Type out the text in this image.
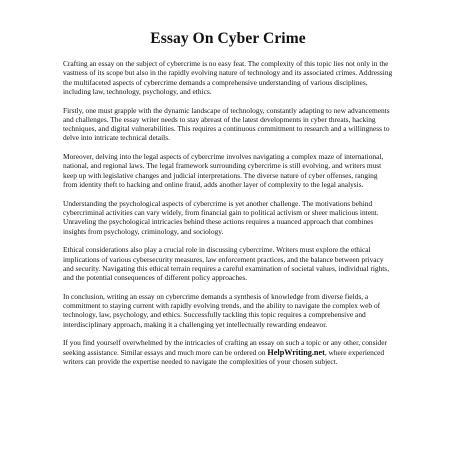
Essay On Cyber Crime

Crafting an essay on the subject of cybercrime is no easy feat. The complexity of this topic lies not only in the vastness of its scope but also in the rapidly evolving nature of technology and its associated crimes. Addressing the multifaceted aspects of cybercrime demands a comprehensive understanding of various disciplines, including law, technology, psychology, and ethics.

Firstly, one must grapple with the dynamic landscape of technology, constantly adapting to new advancements and challenges. The essay writer needs to stay abreast of the latest developments in cyber threats, hacking techniques, and digital vulnerabilities. This requires a continuous commitment to research and a willingness to delve into intricate technical details.

Moreover, delving into the legal aspects of cybercrime involves navigating a complex maze of international, national, and regional laws. The legal framework surrounding cybercrime is still evolving, and writers must keep up with legislative changes and judicial interpretations. The diverse nature of cyber offenses, ranging from identity theft to hacking and online fraud, adds another layer of complexity to the legal analysis.

Understanding the psychological aspects of cybercrime is yet another challenge. The motivations behind cybercriminal activities can vary widely, from financial gain to political activism or sheer malicious intent. Unraveling the psychological intricacies behind these actions requires a nuanced approach that combines insights from psychology, criminology, and sociology.

Ethical considerations also play a crucial role in discussing cybercrime. Writers must explore the ethical implications of various cybersecurity measures, law enforcement practices, and the balance between privacy and security. Navigating this ethical terrain requires a careful examination of societal values, individual rights, and the potential consequences of different policy approaches.

In conclusion, writing an essay on cybercrime demands a synthesis of knowledge from diverse fields, a commitment to staying current with rapidly evolving trends, and the ability to navigate the complex web of technology, law, psychology, and ethics. Successfully tackling this topic requires a comprehensive and interdisciplinary approach, making it a challenging yet intellectually rewarding endeavor.

If you find yourself overwhelmed by the intricacies of crafting an essay on such a topic or any other, consider seeking assistance. Similar essays and much more can be ordered on HelpWriting.net, where experienced writers can provide the expertise needed to navigate the complexities of your chosen subject.
